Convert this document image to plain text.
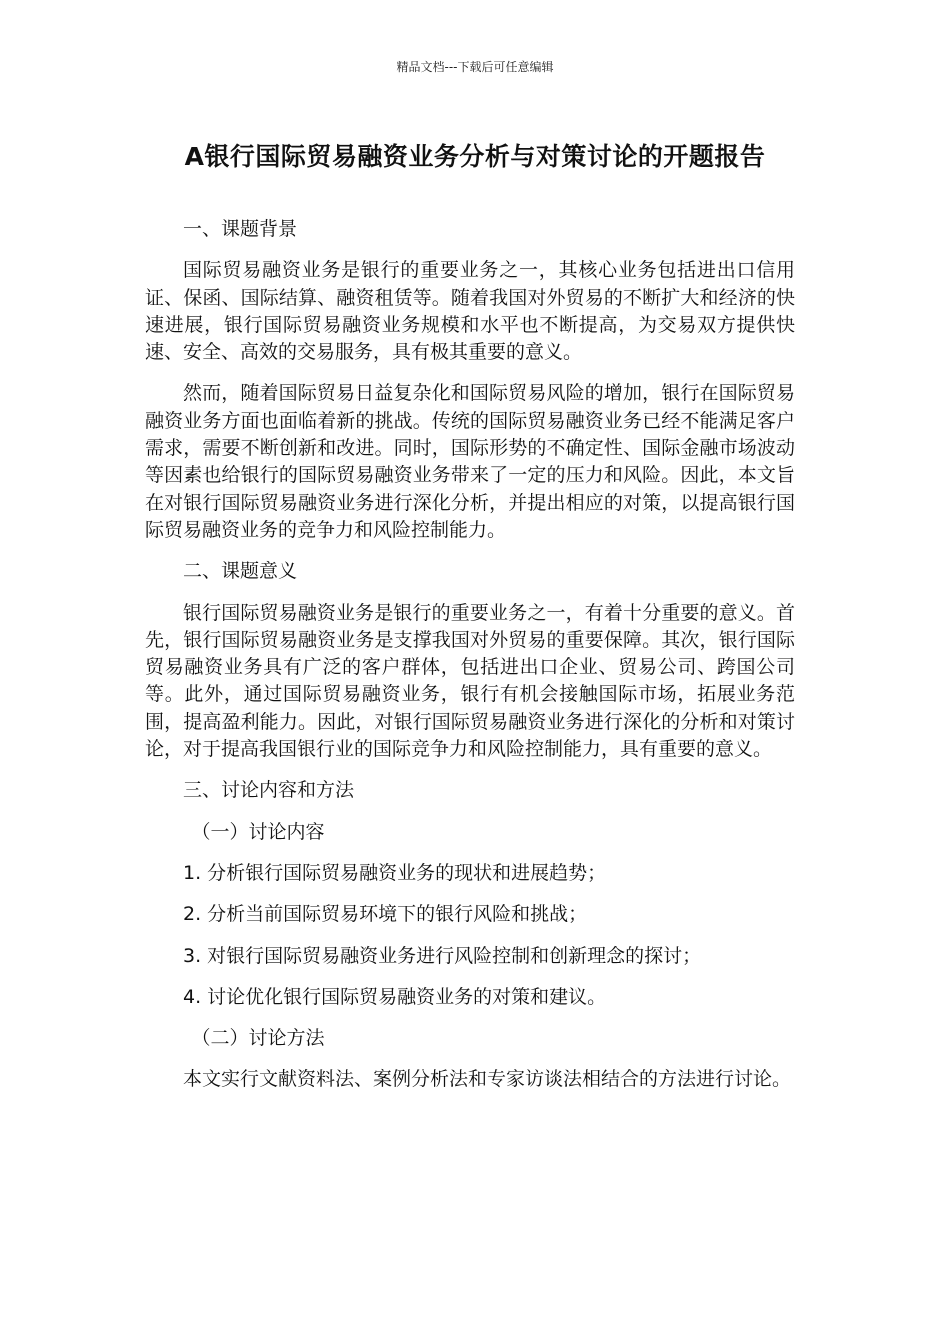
精品文档---下载后可任意编辑
A银行国际贸易融资业务分析与对策讨论的开题报告

一、课题背景

国际贸易融资业务是银行的重要业务之一，其核心业务包括进出口信用证、保函、国际结算、融资租赁等。随着我国对外贸易的不断扩大和经济的快速进展，银行国际贸易融资业务规模和水平也不断提高，为交易双方提供快速、安全、高效的交易服务，具有极其重要的意义。

然而，随着国际贸易日益复杂化和国际贸易风险的增加，银行在国际贸易融资业务方面也面临着新的挑战。传统的国际贸易融资业务已经不能满足客户需求，需要不断创新和改进。同时，国际形势的不确定性、国际金融市场波动等因素也给银行的国际贸易融资业务带来了一定的压力和风险。因此，本文旨在对银行国际贸易融资业务进行深化分析，并提出相应的对策，以提高银行国际贸易融资业务的竞争力和风险控制能力。

二、课题意义

银行国际贸易融资业务是银行的重要业务之一，有着十分重要的意义。首先，银行国际贸易融资业务是支撑我国对外贸易的重要保障。其次，银行国际贸易融资业务具有广泛的客户群体，包括进出口企业、贸易公司、跨国公司等。此外，通过国际贸易融资业务，银行有机会接触国际市场，拓展业务范围，提高盈利能力。因此，对银行国际贸易融资业务进行深化的分析和对策讨论，对于提高我国银行业的国际竞争力和风险控制能力，具有重要的意义。

三、讨论内容和方法

（一）讨论内容

1. 分析银行国际贸易融资业务的现状和进展趋势；

2. 分析当前国际贸易环境下的银行风险和挑战；

3. 对银行国际贸易融资业务进行风险控制和创新理念的探讨；

4. 讨论优化银行国际贸易融资业务的对策和建议。

（二）讨论方法

本文实行文献资料法、案例分析法和专家访谈法相结合的方法进行讨论。
